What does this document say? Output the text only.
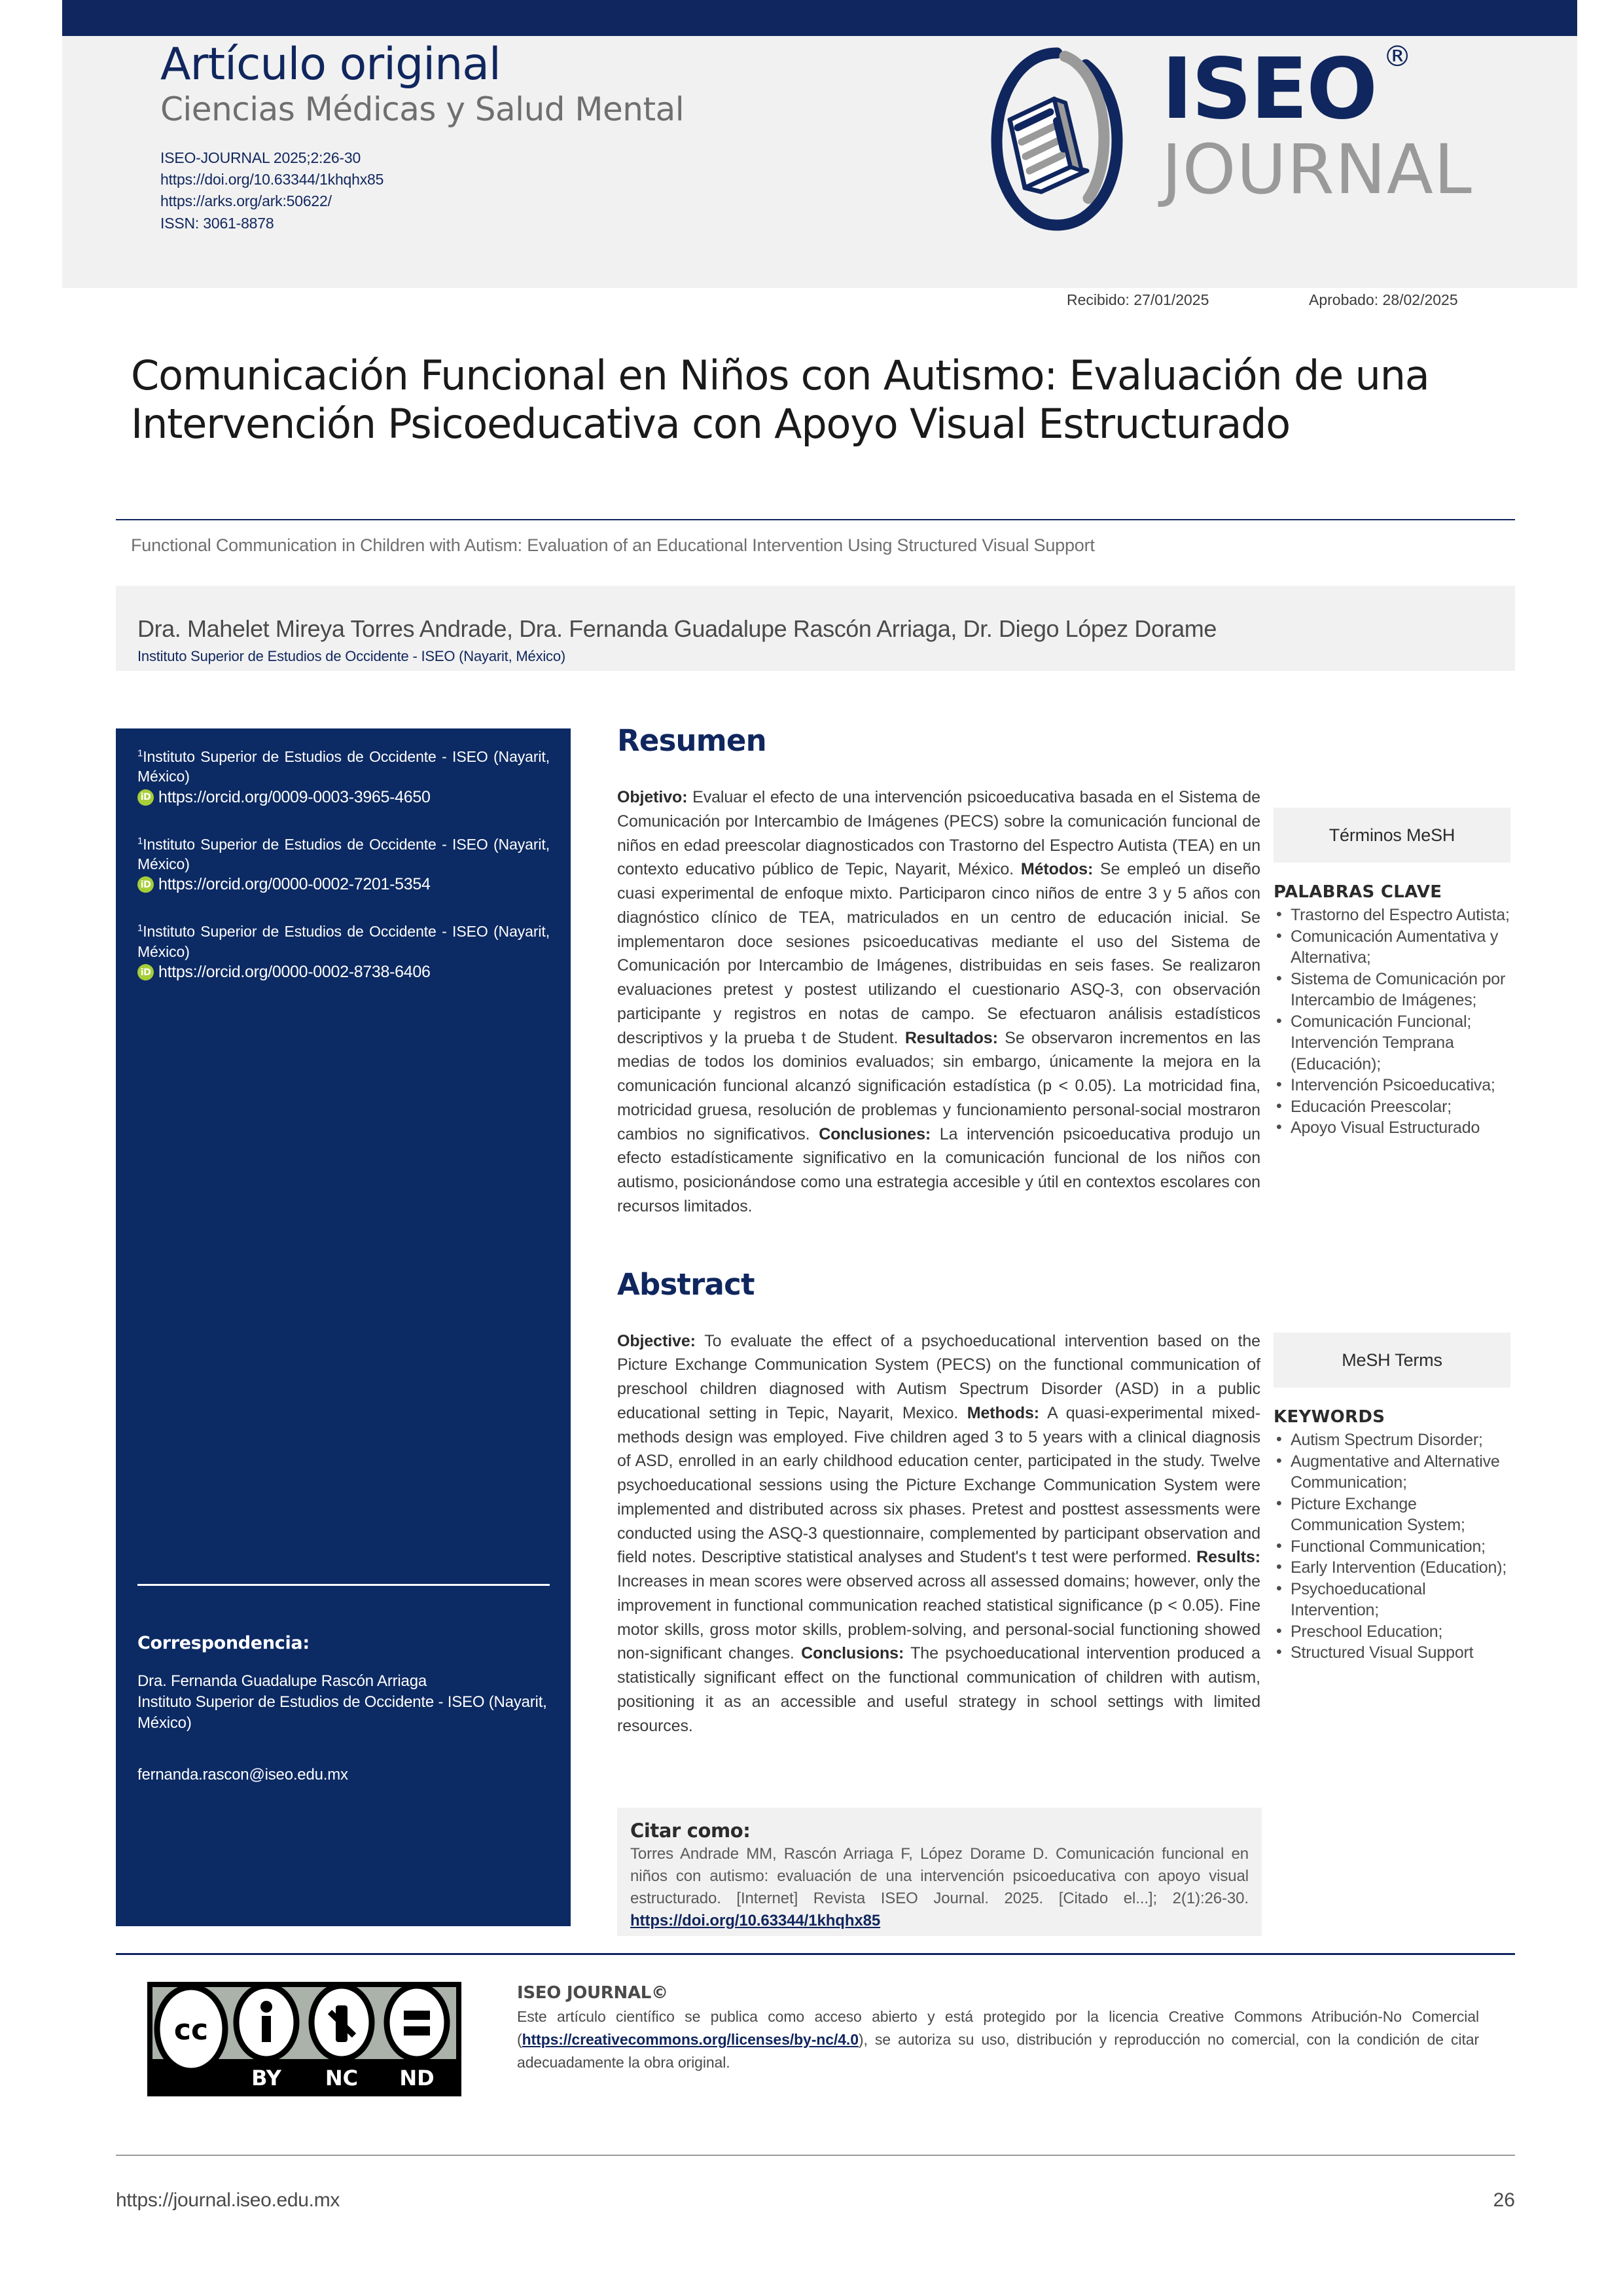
Artículo original
Ciencias Médicas y Salud Mental
ISEO-JOURNAL 2025;2:26-30
https://doi.org/10.63344/1khqhx85
https://arks.org/ark:50622/
ISSN: 3061-8878
ISEO ®
JOURNAL
Recibido: 27/01/2025	Aprobado: 28/02/2025
Comunicación Funcional en Niños con Autismo: Evaluación de una Intervención Psicoeducativa con Apoyo Visual Estructurado
Functional Communication in Children with Autism: Evaluation of an Educational Intervention Using Structured Visual Support
Dra. Mahelet Mireya Torres Andrade, Dra. Fernanda Guadalupe Rascón Arriaga, Dr. Diego López Dorame
Instituto Superior de Estudios de Occidente - ISEO (Nayarit, México)
$^1$Instituto Superior de Estudios de Occidente - ISEO (Nayarit, México)
iD https://orcid.org/0009-0003-3965-4650
$^1$Instituto Superior de Estudios de Occidente - ISEO (Nayarit, México)
iD https://orcid.org/0000-0002-7201-5354
$^1$Instituto Superior de Estudios de Occidente - ISEO (Nayarit, México)
iD https://orcid.org/0000-0002-8738-6406
Correspondencia:
Dra. Fernanda Guadalupe Rascón Arriaga
Instituto Superior de Estudios de Occidente - ISEO (Nayarit, México)
fernanda.rascon@iseo.edu.mx
Resumen
Objetivo: Evaluar el efecto de una intervención psicoeducativa basada en el Sistema de Comunicación por Intercambio de Imágenes (PECS) sobre la comunicación funcional de niños en edad preescolar diagnosticados con Trastorno del Espectro Autista (TEA) en un contexto educativo público de Tepic, Nayarit, México. Métodos: Se empleó un diseño cuasi experimental de enfoque mixto. Participaron cinco niños de entre 3 y 5 años con diagnóstico clínico de TEA, matriculados en un centro de educación inicial. Se implementaron doce sesiones psicoeducativas mediante el uso del Sistema de Comunicación por Intercambio de Imágenes, distribuidas en seis fases. Se realizaron evaluaciones pretest y postest utilizando el cuestionario ASQ-3, con observación participante y registros en notas de campo. Se efectuaron análisis estadísticos descriptivos y la prueba t de Student. Resultados: Se observaron incrementos en las medias de todos los dominios evaluados; sin embargo, únicamente la mejora en la comunicación funcional alcanzó significación estadística (p < 0.05). La motricidad fina, motricidad gruesa, resolución de problemas y funcionamiento personal-social mostraron cambios no significativos. Conclusiones: La intervención psicoeducativa produjo un efecto estadísticamente significativo en la comunicación funcional de los niños con autismo, posicionándose como una estrategia accesible y útil en contextos escolares con recursos limitados.
Abstract
Objective: To evaluate the effect of a psychoeducational intervention based on the Picture Exchange Communication System (PECS) on the functional communication of preschool children diagnosed with Autism Spectrum Disorder (ASD) in a public educational setting in Tepic, Nayarit, Mexico. Methods: A quasi-experimental mixed-methods design was employed. Five children aged 3 to 5 years with a clinical diagnosis of ASD, enrolled in an early childhood education center, participated in the study. Twelve psychoeducational sessions using the Picture Exchange Communication System were implemented and distributed across six phases. Pretest and posttest assessments were conducted using the ASQ-3 questionnaire, complemented by participant observation and field notes. Descriptive statistical analyses and Student's t test were performed. Results: Increases in mean scores were observed across all assessed domains; however, only the improvement in functional communication reached statistical significance (p < 0.05). Fine motor skills, gross motor skills, problem-solving, and personal-social functioning showed non-significant changes. Conclusions: The psychoeducational intervention produced a statistically significant effect on the functional communication of children with autism, positioning it as an accessible and useful strategy in school settings with limited resources.
Citar como:
Torres Andrade MM, Rascón Arriaga F, López Dorame D. Comunicación funcional en niños con autismo: evaluación de una intervención psicoeducativa con apoyo visual estructurado. [Internet] Revista ISEO Journal. 2025. [Citado el...]; 2(1):26-30. https://doi.org/10.63344/1khqhx85
Términos MeSH
PALABRAS CLAVE
• Trastorno del Espectro Autista;
• Comunicación Aumentativa y Alternativa;
• Sistema de Comunicación por Intercambio de Imágenes;
• Comunicación Funcional; Intervención Temprana (Educación);
• Intervención Psicoeducativa;
• Educación Preescolar;
• Apoyo Visual Estructurado
MeSH Terms
KEYWORDS
• Autism Spectrum Disorder;
• Augmentative and Alternative Communication;
• Picture Exchange Communication System;
• Functional Communication;
• Early Intervention (Education);
• Psychoeducational Intervention;
• Preschool Education;
• Structured Visual Support
cc
BY NC ND
ISEO JOURNAL©
Este artículo científico se publica como acceso abierto y está protegido por la licencia Creative Commons Atribución-No Comercial (https://creativecommons.org/licenses/by-nc/4.0), se autoriza su uso, distribución y reproducción no comercial, con la condición de citar adecuadamente la obra original.
https://journal.iseo.edu.mx	26
